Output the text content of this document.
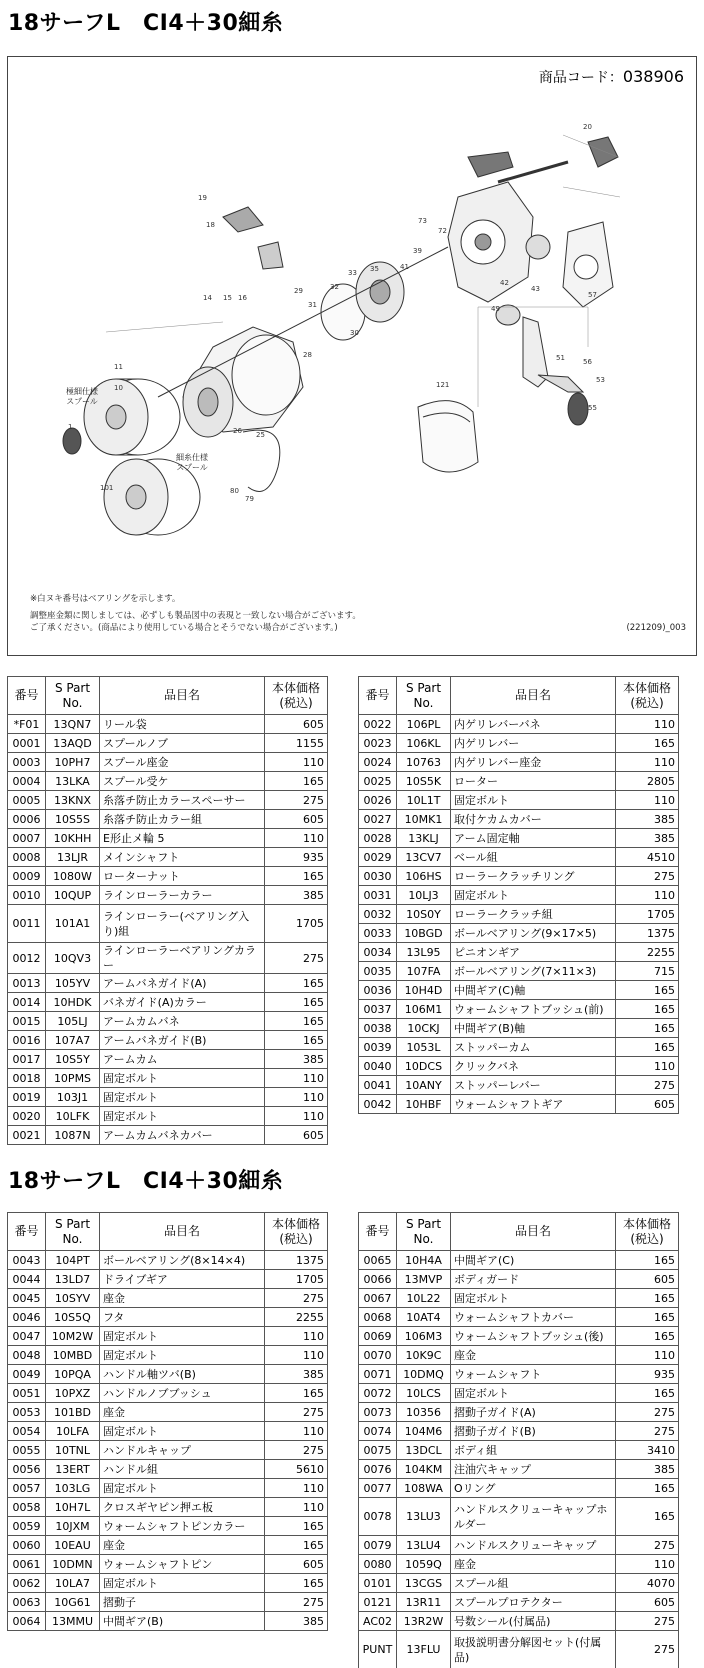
18サーフL　CI4＋30細糸
商品コード：038906
1
19
18
14 15 16
11
10
31
32
33 35	41
39
73
72
20
57
42
43
49
51
53
56
55
121
101	80
79
26 25
28
30
29
極細仕様
スプール
細糸仕様
スプール
※白ヌキ番号はベアリングを示します。
調整座金類に関しましては、必ずしも製品図中の表現と一致しない場合がございます。
ご了承ください。(商品により使用している場合とそうでない場合がございます。)	(221209)_003
番号	S Part
No.	品目名	本体価格
(税込)
*F01	13QN7	リール袋	605
0001	13AQD	スプールノブ	1155
0003	10PH7	スプール座金	110
0004	13LKA	スプール受ケ	165
0005	13KNX	糸落チ防止カラースペーサー	275
0006	10S5S	糸落チ防止カラー組	605
0007	10KHH	E形止メ輪 5	110
0008	13LJR	メインシャフト	935
0009	1080W	ローターナット	165
0010	10QUP	ラインローラーカラー	385
0011	101A1	ラインローラー(ベアリング入り)組	1705
0012	10QV3	ラインローラーベアリングカラー	275
0013	105YV	アームバネガイド(A)	165
0014	10HDK	バネガイド(A)カラー	165
0015	105LJ	アームカムバネ	165
0016	107A7	アームバネガイド(B)	165
0017	10S5Y	アームカム	385
0018	10PMS	固定ボルト	110
0019	103J1	固定ボルト	110
0020	10LFK	固定ボルト	110
0021	1087N	アームカムバネカバー	605
番号	S Part
No.	品目名	本体価格
(税込)
0022	106PL	内ゲリレバーバネ	110
0023	106KL	内ゲリレバー	165
0024	10763	内ゲリレバー座金	110
0025	10S5K	ローター	2805
0026	10L1T	固定ボルト	110
0027	10MK1	取付ケカムカバー	385
0028	13KLJ	アーム固定軸	385
0029	13CV7	ベール組	4510
0030	106HS	ローラークラッチリング	275
0031	10LJ3	固定ボルト	110
0032	10S0Y	ローラークラッチ組	1705
0033	10BGD	ボールベアリング(9×17×5)	1375
0034	13L95	ピニオンギア	2255
0035	107FA	ボールベアリング(7×11×3)	715
0036	10H4D	中間ギア(C)軸	165
0037	106M1	ウォームシャフトブッシュ(前)	165
0038	10CKJ	中間ギア(B)軸	165
0039	1053L	ストッパーカム	165
0040	10DCS	クリックバネ	110
0041	10ANY	ストッパーレバー	275
0042	10HBF	ウォームシャフトギア	605
18サーフL　CI4＋30細糸
番号	S Part
No.	品目名	本体価格
(税込)
0043	104PT	ボールベアリング(8×14×4)	1375
0044	13LD7	ドライブギア	1705
0045	10SYV	座金	275
0046	10S5Q	フタ	2255
0047	10M2W	固定ボルト	110
0048	10MBD	固定ボルト	110
0049	10PQA	ハンドル軸ツバ(B)	385
0051	10PXZ	ハンドルノブブッシュ	165
0053	101BD	座金	275
0054	10LFA	固定ボルト	110
0055	10TNL	ハンドルキャップ	275
0056	13ERT	ハンドル組	5610
0057	103LG	固定ボルト	110
0058	10H7L	クロスギヤピン押エ板	110
0059	10JXM	ウォームシャフトピンカラー	165
0060	10EAU	座金	165
0061	10DMN	ウォームシャフトピン	605
0062	10LA7	固定ボルト	165
0063	10G61	摺動子	275
0064	13MMU	中間ギア(B)	385
番号	S Part
No.	品目名	本体価格
(税込)
0065	10H4A	中間ギア(C)	165
0066	13MVP	ボディガード	605
0067	10L22	固定ボルト	165
0068	10AT4	ウォームシャフトカバー	165
0069	106M3	ウォームシャフトブッシュ(後)	165
0070	10K9C	座金	110
0071	10DMQ	ウォームシャフト	935
0072	10LCS	固定ボルト	165
0073	10356	摺動子ガイド(A)	275
0074	104M6	摺動子ガイド(B)	275
0075	13DCL	ボディ組	3410
0076	104KM	注油穴キャップ	385
0077	108WA	Oリング	165
0078	13LU3	ハンドルスクリューキャップホルダー	165
0079	13LU4	ハンドルスクリューキャップ	275
0080	1059Q	座金	110
0101	13CGS	スプール組	4070
0121	13R11	スプールプロテクター	605
AC02	13R2W	号数シール(付属品)	275
PUNT	13FLU	取扱説明書分解図セット(付属品)	275
